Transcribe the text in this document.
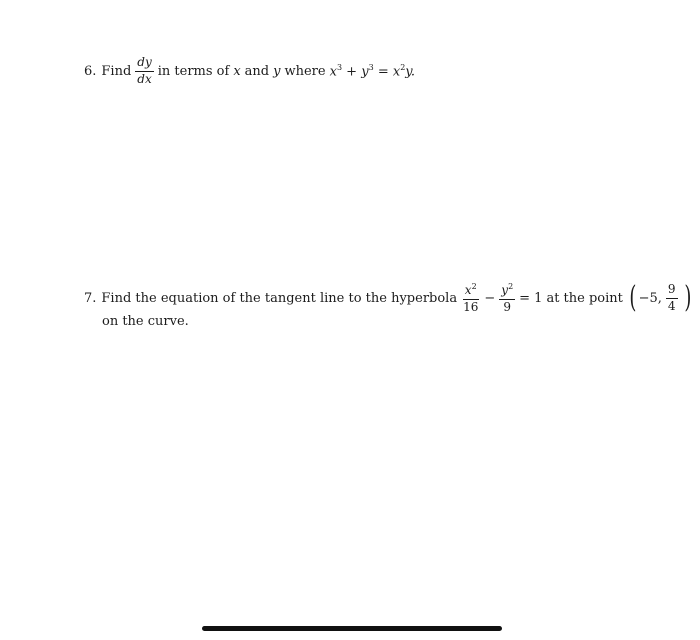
6. Find $\frac{dy}{dx}$ in terms of x and y where $x^3 + y^3 = x^2y$.
7. Find the equation of the tangent line to the hyperbola $\frac{x^2}{16} - \frac{y^2}{9} = 1$ at the point ( −5, $\frac{9}{4}$ )
on the curve.
